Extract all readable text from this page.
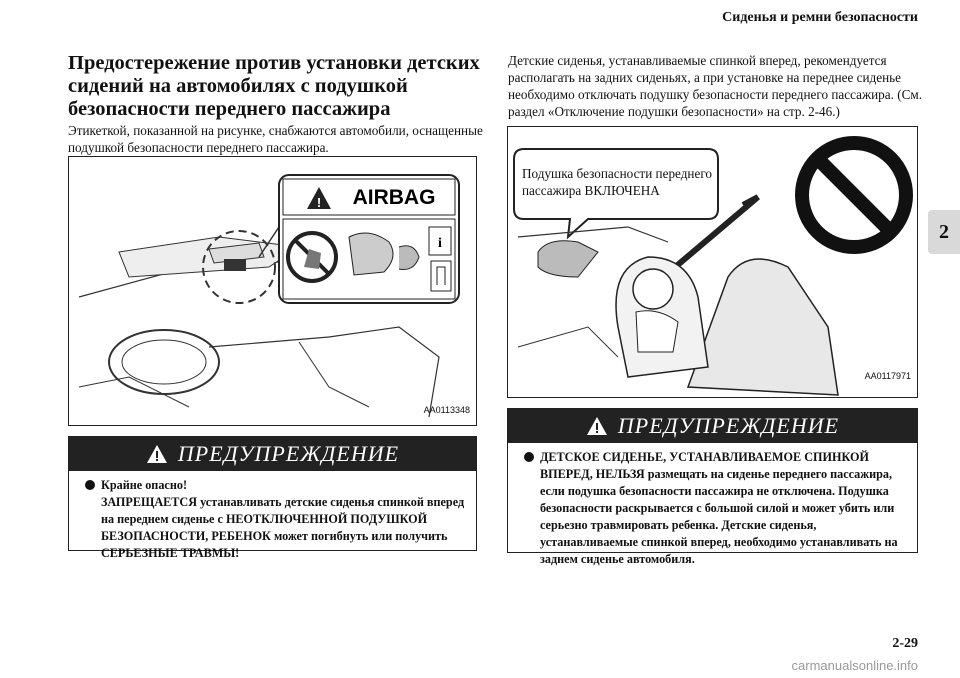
Сиденья и ремни безопасности
2
Предостережение против установки детских сидений на автомобилях с подушкой безопасности переднего пассажира
Этикеткой, показанной на рисунке, снабжаются автомобили, оснащенные подушкой безопасности переднего пассажира.
Детские сиденья, устанавливаемые спинкой вперед, рекомендуется располагать на задних сиденьях, а при установке на переднее сиденье необходимо отключать подушку безопасности переднего пассажира. (См. раздел «Отключение подушки безопасности» на стр. 2-46.)
! AIRBAG
i
AA0113348
Подушка безопасности переднего пассажира ВКЛЮЧЕНА
AA0117971
ПРЕДУПРЕЖДЕНИЕ
Крайне опасно!
ЗАПРЕЩАЕТСЯ устанавливать детские сиденья спинкой вперед на переднем сиденье с НЕОТКЛЮЧЕННОЙ ПОДУШКОЙ БЕЗОПАСНОСТИ, РЕБЕНОК может погибнуть или получить СЕРЬЕЗНЫЕ ТРАВМЫ!
ПРЕДУПРЕЖДЕНИЕ
ДЕТСКОЕ СИДЕНЬЕ, УСТАНАВЛИВАЕМОЕ СПИНКОЙ ВПЕРЕД, НЕЛЬЗЯ размещать на сиденье переднего пассажира, если подушка безопасности пассажира не отключена. Подушка безопасности раскрывается с большой силой и может убить или серьезно травмировать ребенка. Детские сиденья, устанавливаемые спинкой вперед, необходимо устанавливать на заднем сиденье автомобиля.
2-29
carmanualsonline.info
